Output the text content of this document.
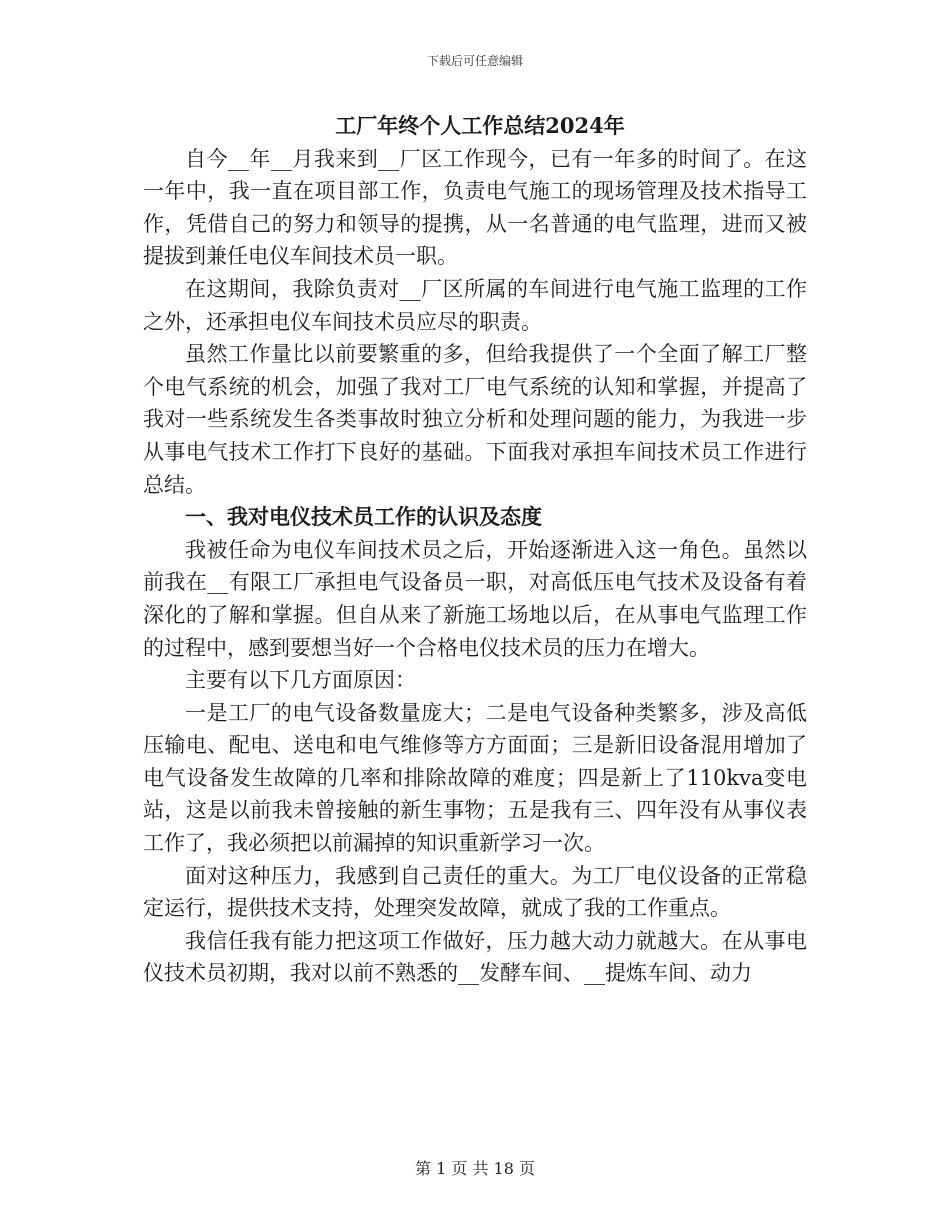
下载后可任意编辑

工厂年终个人工作总结2024年

自今__年__月我来到__厂区工作现今，已有一年多的时间了。在这一年中，我一直在项目部工作，负责电气施工的现场管理及技术指导工作，凭借自己的努力和领导的提携，从一名普通的电气监理，进而又被提拔到兼任电仪车间技术员一职。

在这期间，我除负责对__厂区所属的车间进行电气施工监理的工作之外，还承担电仪车间技术员应尽的职责。

虽然工作量比以前要繁重的多，但给我提供了一个全面了解工厂整个电气系统的机会，加强了我对工厂电气系统的认知和掌握，并提高了我对一些系统发生各类事故时独立分析和处理问题的能力，为我进一步从事电气技术工作打下良好的基础。下面我对承担车间技术员工作进行总结。

一、我对电仪技术员工作的认识及态度

我被任命为电仪车间技术员之后，开始逐渐进入这一角色。虽然以前我在__有限工厂承担电气设备员一职，对高低压电气技术及设备有着深化的了解和掌握。但自从来了新施工场地以后，在从事电气监理工作的过程中，感到要想当好一个合格电仪技术员的压力在增大。

主要有以下几方面原因：

一是工厂的电气设备数量庞大；二是电气设备种类繁多，涉及高低压输电、配电、送电和电气维修等方方面面；三是新旧设备混用增加了电气设备发生故障的几率和排除故障的难度；四是新上了110kva变电站，这是以前我未曾接触的新生事物；五是我有三、四年没有从事仪表工作了，我必须把以前漏掉的知识重新学习一次。

面对这种压力，我感到自己责任的重大。为工厂电仪设备的正常稳定运行，提供技术支持，处理突发故障，就成了我的工作重点。

我信任我有能力把这项工作做好，压力越大动力就越大。在从事电仪技术员初期，我对以前不熟悉的__发酵车间、__提炼车间、动力

第 1 页 共 18 页
